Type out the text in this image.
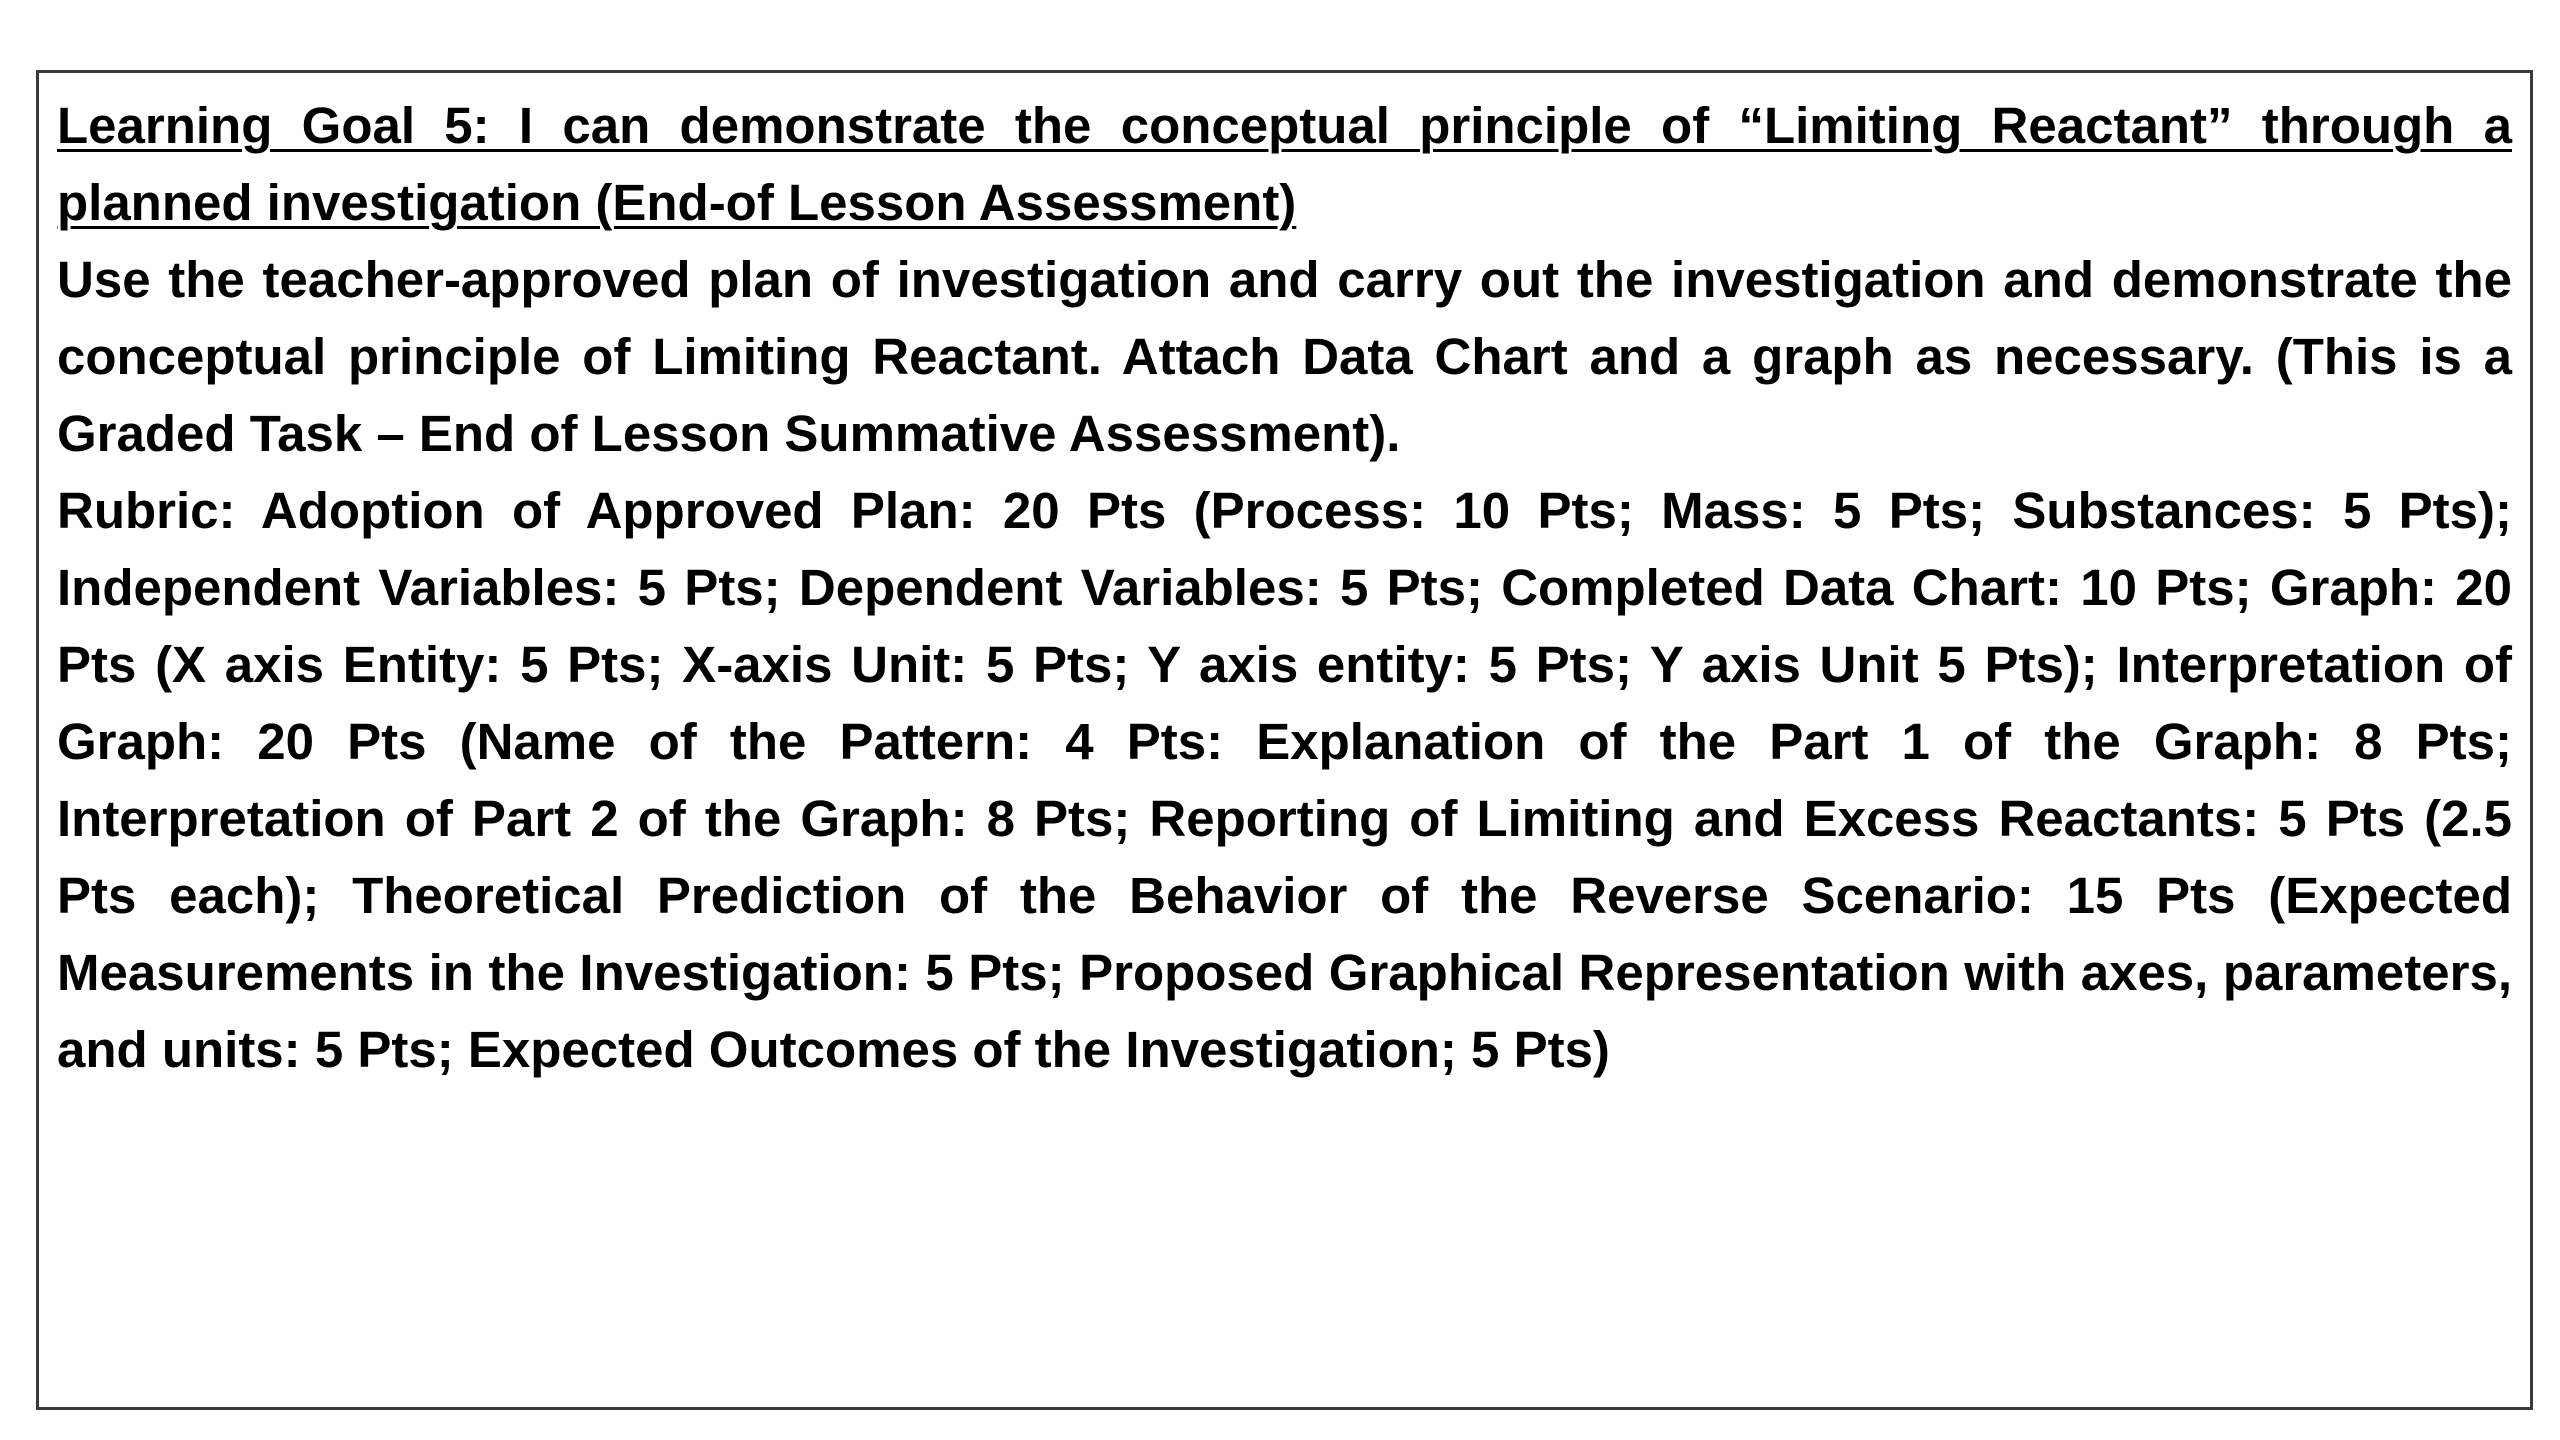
Learning Goal 5: I can demonstrate the conceptual principle of “Limiting Reactant” through a planned investigation (End-of Lesson Assessment)

Use the teacher-approved plan of investigation and carry out the investigation and demonstrate the conceptual principle of Limiting Reactant. Attach Data Chart and a graph as necessary. (This is a Graded Task – End of Lesson Summative Assessment).

Rubric: Adoption of Approved Plan: 20 Pts (Process: 10 Pts; Mass: 5 Pts; Substances: 5 Pts); Independent Variables: 5 Pts; Dependent Variables: 5 Pts; Completed Data Chart: 10 Pts; Graph: 20 Pts (X axis Entity: 5 Pts; X-axis Unit: 5 Pts; Y axis entity: 5 Pts; Y axis Unit 5 Pts); Interpretation of Graph: 20 Pts (Name of the Pattern: 4 Pts: Explanation of the Part 1 of the Graph: 8 Pts; Interpretation of Part 2 of the Graph: 8 Pts; Reporting of Limiting and Excess Reactants: 5 Pts (2.5 Pts each); Theoretical Prediction of the Behavior of the Reverse Scenario: 15 Pts (Expected Measurements in the Investigation: 5 Pts; Proposed Graphical Representation with axes, parameters, and units: 5 Pts; Expected Outcomes of the Investigation; 5 Pts)
